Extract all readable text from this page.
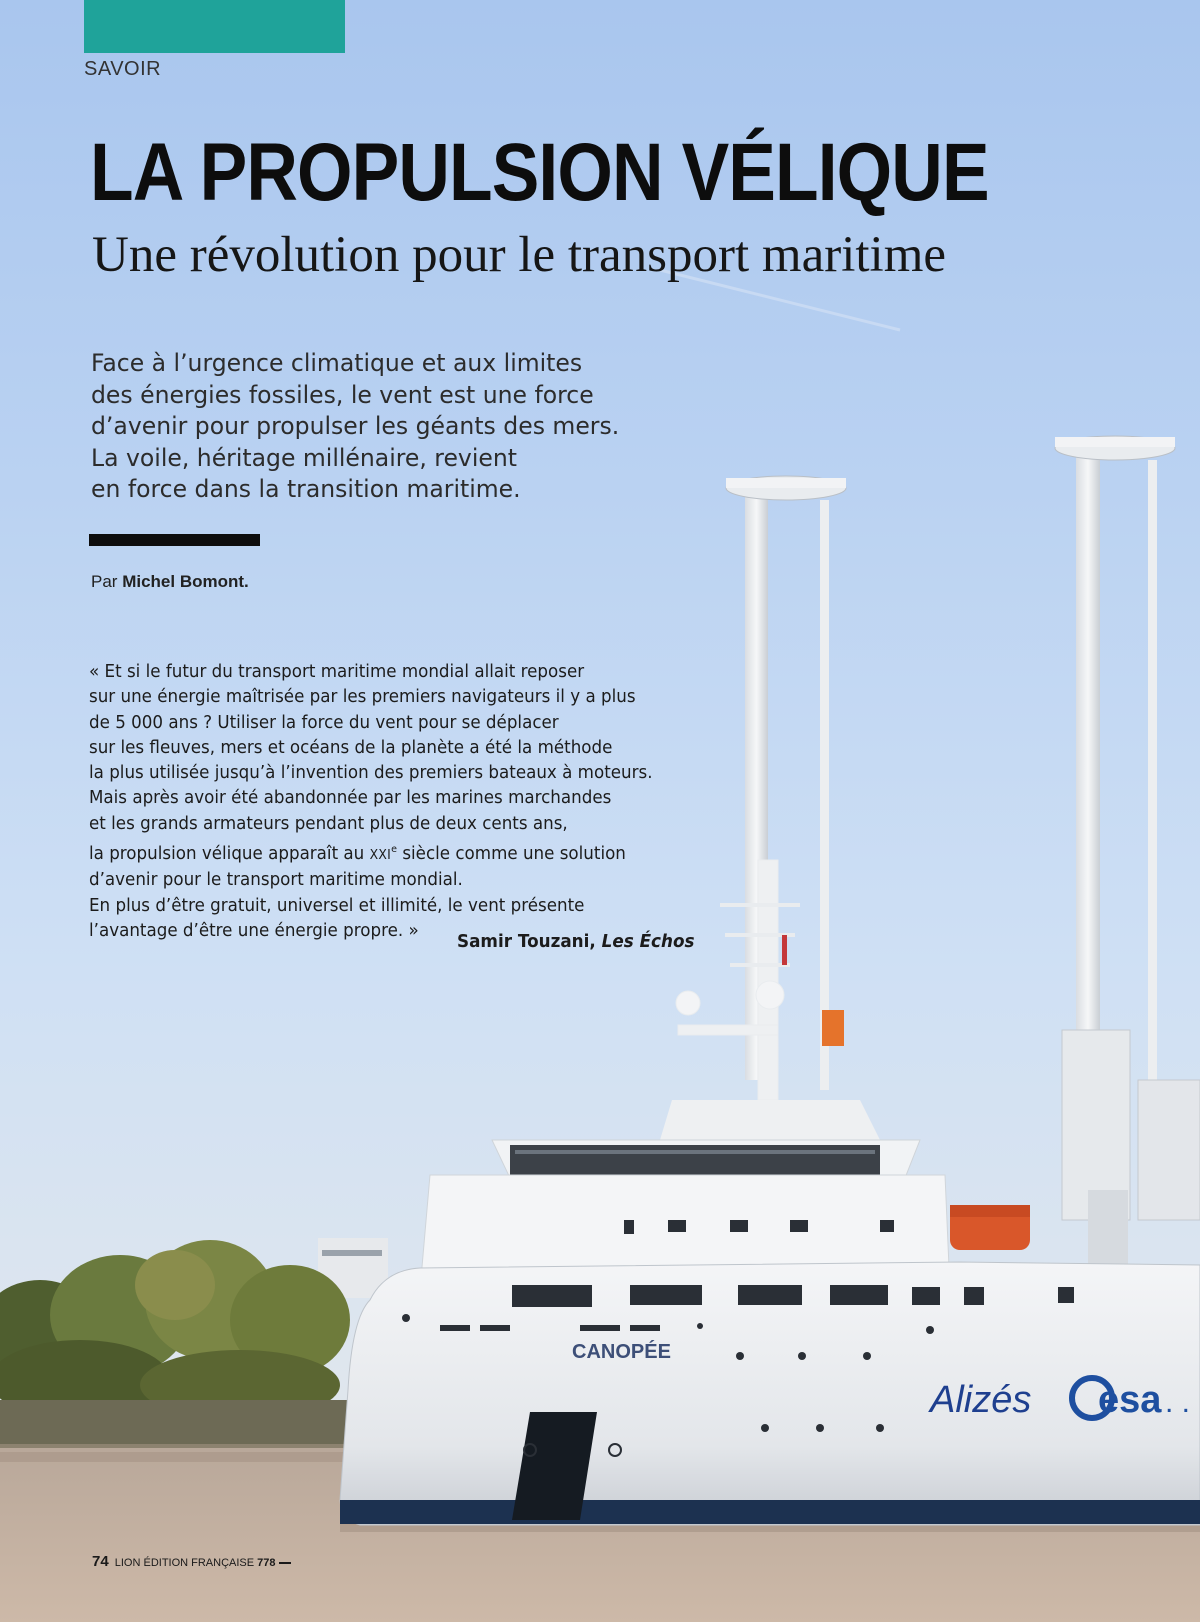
CANOPÉE
Alizés esa . .
SAVOIR
LA PROPULSION VÉLIQUE
Une révolution pour le transport maritime
Face à l’urgence climatique et aux limites
des énergies fossiles, le vent est une force
d’avenir pour propulser les géants des mers.
La voile, héritage millénaire, revient
en force dans la transition maritime.
Par Michel Bomont.
« Et si le futur du transport maritime mondial allait reposer
sur une énergie maîtrisée par les premiers navigateurs il y a plus
de 5 000 ans ? Utiliser la force du vent pour se déplacer
sur les fleuves, mers et océans de la planète a été la méthode
la plus utilisée jusqu’à l’invention des premiers bateaux à moteurs.
Mais après avoir été abandonnée par les marines marchandes
et les grands armateurs pendant plus de deux cents ans,
la propulsion vélique apparaît au XXIe siècle comme une solution
d’avenir pour le transport maritime mondial.
En plus d’être gratuit, universel et illimité, le vent présente
l’avantage d’être une énergie propre. »
Samir Touzani, Les Échos
74 LION ÉDITION FRANÇAISE 778
